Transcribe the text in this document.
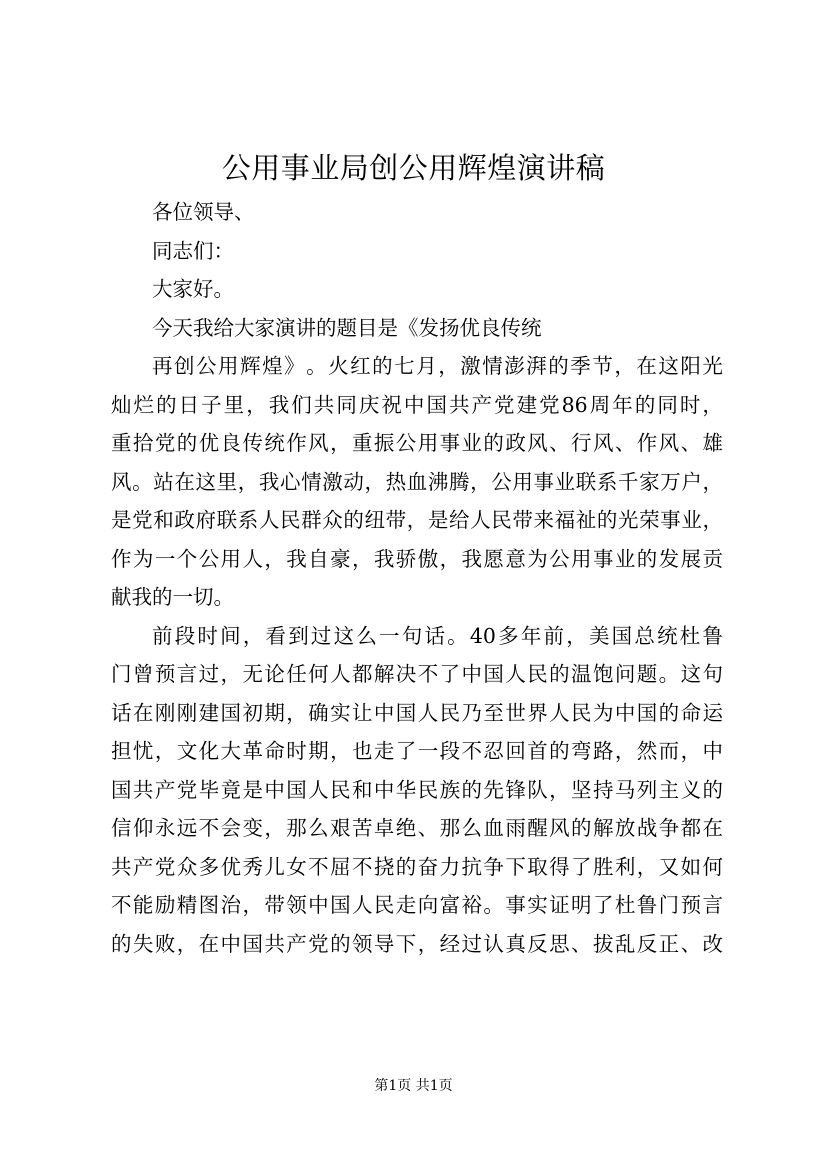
公用事业局创公用辉煌演讲稿
各位领导、
同志们：
大家好。
今天我给大家演讲的题目是《发扬优良传统
再 创 公 用 辉 煌 》 。 火 红 的 七 月 ， 激 情 澎 湃 的 季 节 ， 在 这 阳 光
灿 烂 的 日 子 里 ， 我 们 共 同 庆 祝 中 国 共 产 党 建 党 86 周 年 的 同 时 ，
重 拾 党 的 优 良 传 统 作 风 ， 重 振 公 用 事 业 的 政 风 、 行 风 、 作 风 、 雄
风 。 站 在 这 里 ， 我 心 情 激 动 ， 热 血 沸 腾 ， 公 用 事 业 联 系 千 家 万 户 ，
是 党 和 政 府 联 系 人 民 群 众 的 纽 带 ， 是 给 人 民 带 来 福 祉 的 光 荣 事 业 ，
作 为 一 个 公 用 人 ， 我 自 豪 ， 我 骄 傲 ， 我 愿 意 为 公 用 事 业 的 发 展 贡
献我的一切。
前 段 时 间 ， 看 到 过 这 么 一 句 话 。 40 多 年 前 ， 美 国 总 统 杜 鲁
门 曾 预 言 过 ， 无 论 任 何 人 都 解 决 不 了 中 国 人 民 的 温 饱 问 题 。 这 句
话 在 刚 刚 建 国 初 期 ， 确 实 让 中 国 人 民 乃 至 世 界 人 民 为 中 国 的 命 运
担 忧 ， 文 化 大 革 命 时 期 ， 也 走 了 一 段 不 忍 回 首 的 弯 路 ， 然 而 ， 中
国 共 产 党 毕 竟 是 中 国 人 民 和 中 华 民 族 的 先 锋 队 ， 坚 持 马 列 主 义 的
信 仰 永 远 不 会 变 ， 那 么 艰 苦 卓 绝 、 那 么 血 雨 醒 风 的 解 放 战 争 都 在
共 产 党 众 多 优 秀 儿 女 不 屈 不 挠 的 奋 力 抗 争 下 取 得 了 胜 利 ， 又 如 何
不 能 励 精 图 治 ， 带 领 中 国 人 民 走 向 富 裕 。 事 实 证 明 了 杜 鲁 门 预 言
的 失 败 ， 在 中 国 共 产 党 的 领 导 下 ， 经 过 认 真 反 思 、 拔 乱 反 正 、 改
第1页 共1页
